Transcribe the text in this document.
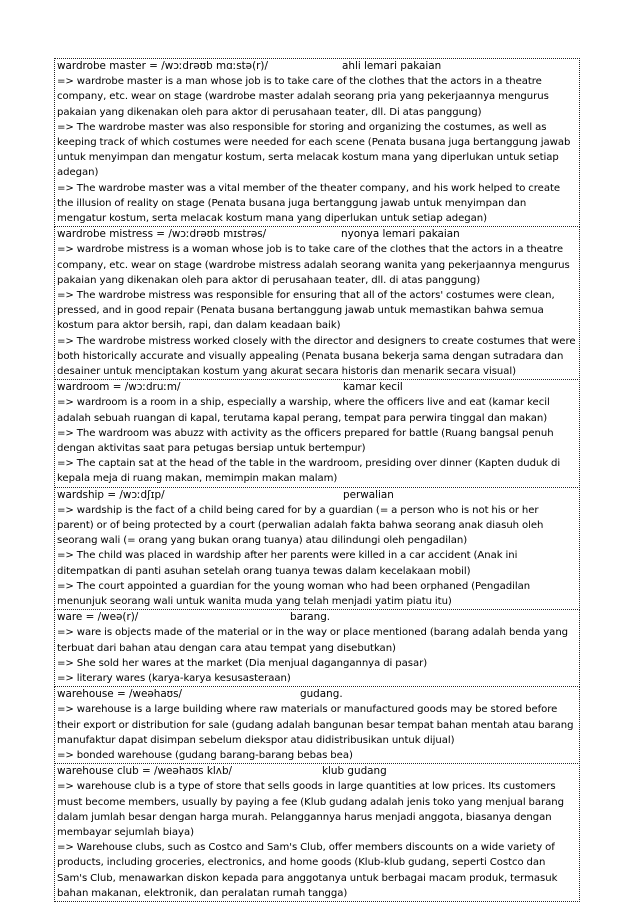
wardrobe master = /wɔːdrəʊb mɑːstə(r)/	ahli lemari pakaian
=> wardrobe master is a man whose job is to take care of the clothes that the actors in a theatre company, etc. wear on stage (wardrobe master adalah seorang pria yang pekerjaannya mengurus pakaian yang dikenakan oleh para aktor di perusahaan teater, dll. Di atas panggung)
=> The wardrobe master was also responsible for storing and organizing the costumes, as well as keeping track of which costumes were needed for each scene (Penata busana juga bertanggung jawab untuk menyimpan dan mengatur kostum, serta melacak kostum mana yang diperlukan untuk setiap adegan)
=> The wardrobe master was a vital member of the theater company, and his work helped to create the illusion of reality on stage (Penata busana juga bertanggung jawab untuk menyimpan dan mengatur kostum, serta melacak kostum mana yang diperlukan untuk setiap adegan)
wardrobe mistress = /wɔːdrəʊb mɪstrəs/	nyonya lemari pakaian
=> wardrobe mistress is a woman whose job is to take care of the clothes that the actors in a theatre company, etc. wear on stage (wardrobe mistress adalah seorang wanita yang pekerjaannya mengurus pakaian yang dikenakan oleh para aktor di perusahaan teater, dll. di atas panggung)
=> The wardrobe mistress was responsible for ensuring that all of the actors' costumes were clean, pressed, and in good repair (Penata busana bertanggung jawab untuk memastikan bahwa semua kostum para aktor bersih, rapi, dan dalam keadaan baik)
=> The wardrobe mistress worked closely with the director and designers to create costumes that were both historically accurate and visually appealing (Penata busana bekerja sama dengan sutradara dan desainer untuk menciptakan kostum yang akurat secara historis dan menarik secara visual)
wardroom = /wɔːdruːm/	kamar kecil
=> wardroom is a room in a ship, especially a warship, where the officers live and eat (kamar kecil adalah sebuah ruangan di kapal, terutama kapal perang, tempat para perwira tinggal dan makan)
=> The wardroom was abuzz with activity as the officers prepared for battle (Ruang bangsal penuh dengan aktivitas saat para petugas bersiap untuk bertempur)
=> The captain sat at the head of the table in the wardroom, presiding over dinner (Kapten duduk di kepala meja di ruang makan, memimpin makan malam)
wardship = /wɔːdʃɪp/	perwalian
=> wardship is the fact of a child being cared for by a guardian (= a person who is not his or her parent) or of being protected by a court (perwalian adalah fakta bahwa seorang anak diasuh oleh seorang wali (= orang yang bukan orang tuanya) atau dilindungi oleh pengadilan)
=> The child was placed in wardship after her parents were killed in a car accident (Anak ini ditempatkan di panti asuhan setelah orang tuanya tewas dalam kecelakaan mobil)
=> The court appointed a guardian for the young woman who had been orphaned (Pengadilan menunjuk seorang wali untuk wanita muda yang telah menjadi yatim piatu itu)
ware = /weə(r)/	barang.
=> ware is objects made of the material or in the way or place mentioned (barang adalah benda yang terbuat dari bahan atau dengan cara atau tempat yang disebutkan)
=> She sold her wares at the market (Dia menjual dagangannya di pasar)
=> literary wares (karya-karya kesusasteraan)
warehouse = /weəhaʊs/	gudang.
=> warehouse is a large building where raw materials or manufactured goods may be stored before their export or distribution for sale (gudang adalah bangunan besar tempat bahan mentah atau barang manufaktur dapat disimpan sebelum diekspor atau didistribusikan untuk dijual)
=> bonded warehouse (gudang barang-barang bebas bea)
warehouse club = /weəhaʊs klʌb/	klub gudang
=> warehouse club is a type of store that sells goods in large quantities at low prices. Its customers must become members, usually by paying a fee (Klub gudang adalah jenis toko yang menjual barang dalam jumlah besar dengan harga murah. Pelanggannya harus menjadi anggota, biasanya dengan membayar sejumlah biaya)
=> Warehouse clubs, such as Costco and Sam's Club, offer members discounts on a wide variety of products, including groceries, electronics, and home goods (Klub-klub gudang, seperti Costco dan Sam's Club, menawarkan diskon kepada para anggotanya untuk berbagai macam produk, termasuk bahan makanan, elektronik, dan peralatan rumah tangga)
